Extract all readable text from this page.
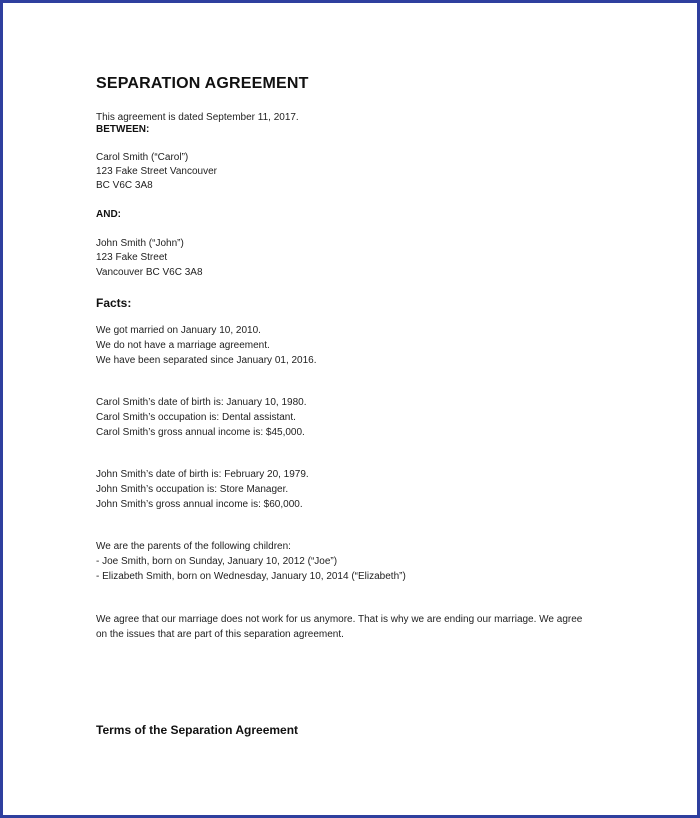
SEPARATION AGREEMENT
This agreement is dated September 11, 2017.
BETWEEN:
Carol Smith (“Carol”)
123 Fake Street Vancouver
BC V6C 3A8
AND:
John Smith (“John”)
123 Fake Street
Vancouver BC V6C 3A8
Facts:
We got married on January 10, 2010.
We do not have a marriage agreement.
We have been separated since January 01, 2016.
Carol Smith’s date of birth is: January 10, 1980.
Carol Smith’s occupation is: Dental assistant.
Carol Smith’s gross annual income is: $45,000.
John Smith’s date of birth is: February 20, 1979.
John Smith’s occupation is: Store Manager.
John Smith’s gross annual income is: $60,000.
We are the parents of the following children:
- Joe Smith, born on Sunday, January 10, 2012 (“Joe”)
- Elizabeth Smith, born on Wednesday, January 10, 2014 (“Elizabeth”)
We agree that our marriage does not work for us anymore. That is why we are ending our marriage. We agree on the issues that are part of this separation agreement.
Terms of the Separation Agreement
